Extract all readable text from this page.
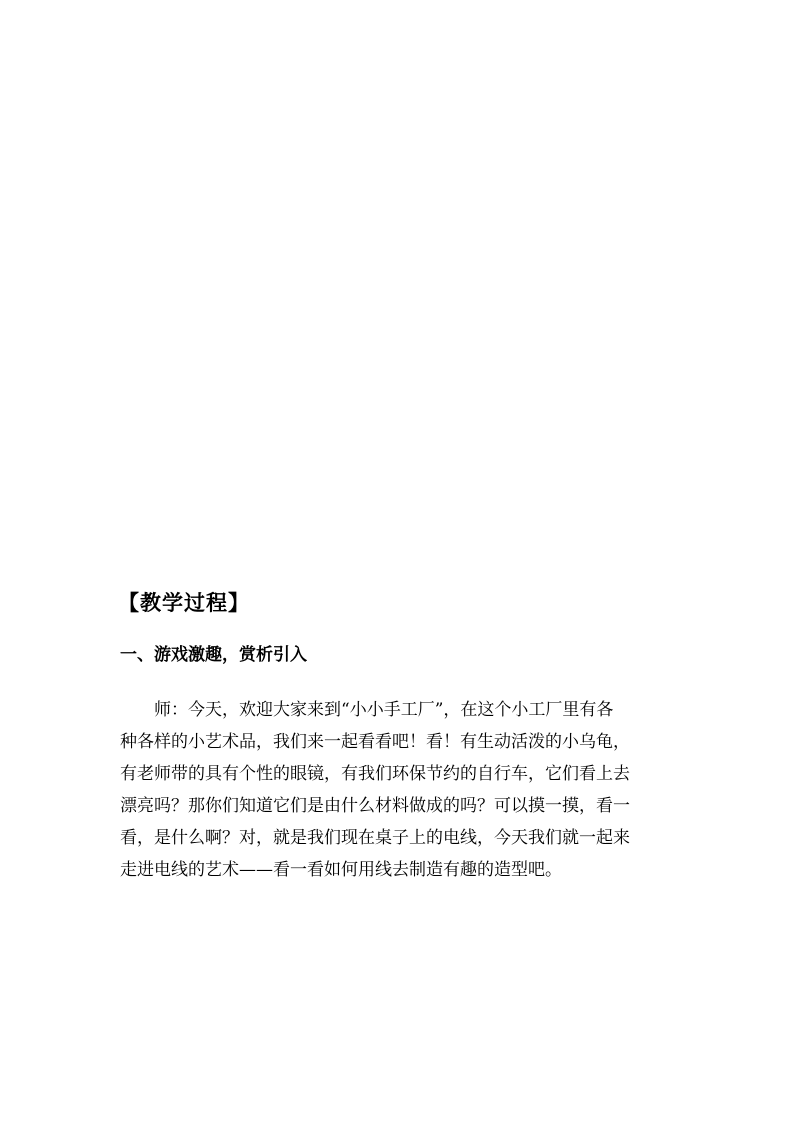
【教学过程】
一、游戏激趣，赏析引入
师：今天，欢迎大家来到“小小手工厂”，在这个小工厂里有各
种各样的小艺术品，我们来一起看看吧！看！有生动活泼的小乌龟，
有老师带的具有个性的眼镜，有我们环保节约的自行车，它们看上去
漂亮吗？那你们知道它们是由什么材料做成的吗？可以摸一摸，看一
看，是什么啊？对，就是我们现在桌子上的电线，今天我们就一起来
走进电线的艺术——看一看如何用线去制造有趣的造型吧。
